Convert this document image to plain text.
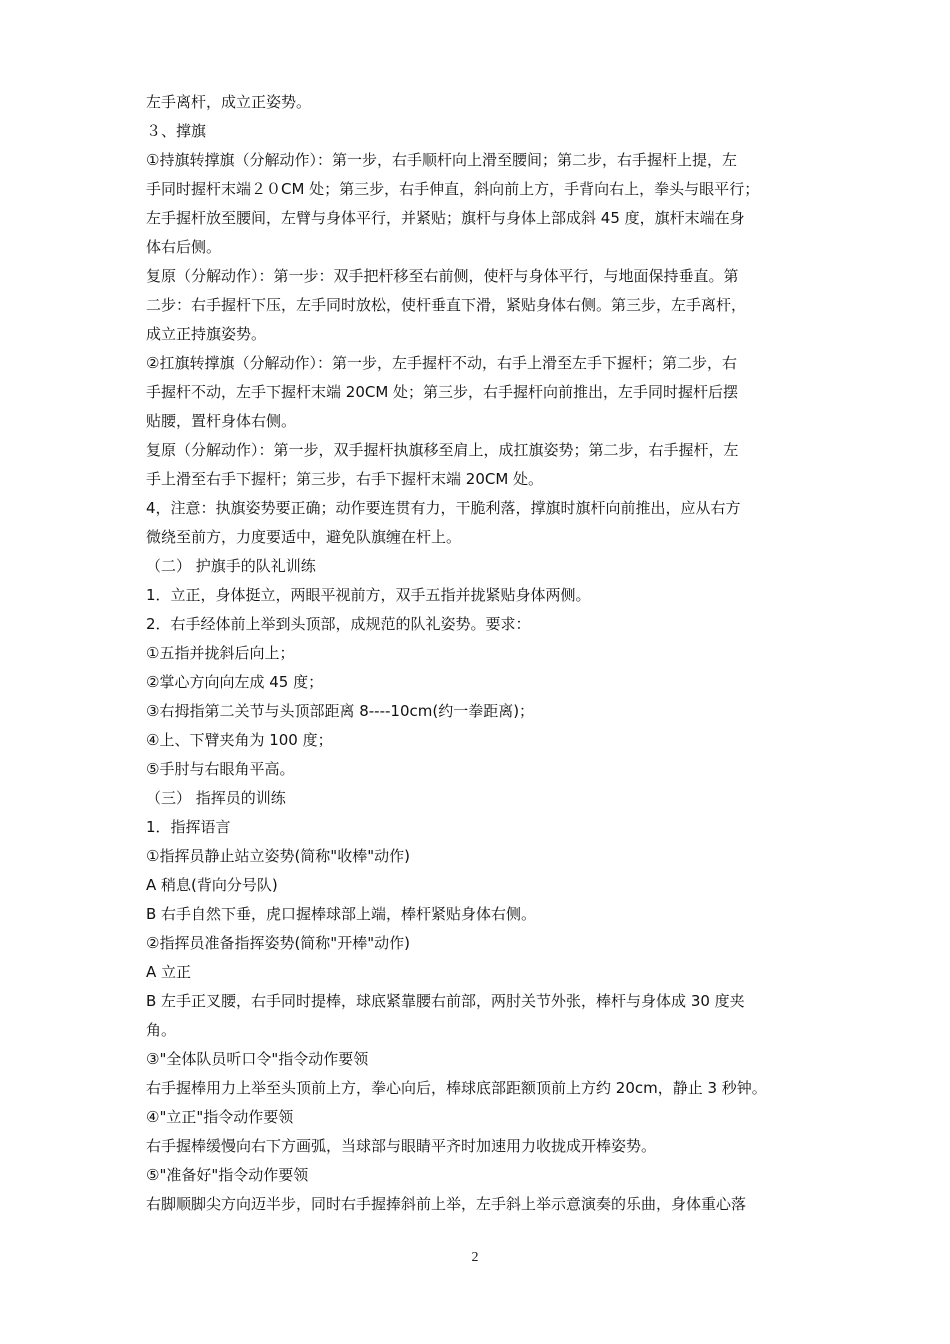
左手离杆，成立正姿势。
３、撑旗
①持旗转撑旗（分解动作）：第一步，右手顺杆向上滑至腰间；第二步，右手握杆上提，左
手同时握杆末端２０CM 处；第三步，右手伸直，斜向前上方，手背向右上，拳头与眼平行；
左手握杆放至腰间，左臂与身体平行，并紧贴；旗杆与身体上部成斜 45 度，旗杆末端在身
体右后侧。
复原（分解动作）：第一步：双手把杆移至右前侧，使杆与身体平行，与地面保持垂直。第
二步：右手握杆下压，左手同时放松，使杆垂直下滑，紧贴身体右侧。第三步，左手离杆，
成立正持旗姿势。
②扛旗转撑旗（分解动作）：第一步，左手握杆不动，右手上滑至左手下握杆；第二步，右
手握杆不动，左手下握杆末端 20CM 处；第三步，右手握杆向前推出，左手同时握杆后摆
贴腰，置杆身体右侧。
复原（分解动作）：第一步，双手握杆执旗移至肩上，成扛旗姿势；第二步，右手握杆，左
手上滑至右手下握杆；第三步，右手下握杆末端 20CM 处。
4，注意：执旗姿势要正确；动作要连贯有力，干脆利落，撑旗时旗杆向前推出，应从右方
微绕至前方，力度要适中，避免队旗缠在杆上。
（二） 护旗手的队礼训练
1．立正，身体挺立，两眼平视前方，双手五指并拢紧贴身体两侧。
2．右手经体前上举到头顶部，成规范的队礼姿势。要求：
①五指并拢斜后向上；
②掌心方向向左成 45 度；
③右拇指第二关节与头顶部距离 8----10cm(约一拳距离)；
④上、下臂夹角为 100 度；
⑤手肘与右眼角平高。
（三） 指挥员的训练
1．指挥语言
①指挥员静止站立姿势(简称"收棒"动作)
A 稍息(背向分号队)
B 右手自然下垂，虎口握棒球部上端，棒杆紧贴身体右侧。
②指挥员准备指挥姿势(简称"开棒"动作)
A 立正
B 左手正叉腰，右手同时提棒，球底紧靠腰右前部，两肘关节外张，棒杆与身体成 30 度夹
角。
③"全体队员听口令"指令动作要领
右手握棒用力上举至头顶前上方，拳心向后，棒球底部距额顶前上方约 20cm，静止 3 秒钟。
④"立正"指令动作要领
右手握棒缓慢向右下方画弧，当球部与眼睛平齐时加速用力收拢成开棒姿势。
⑤"准备好"指令动作要领
右脚顺脚尖方向迈半步，同时右手握捧斜前上举，左手斜上举示意演奏的乐曲，身体重心落
2
